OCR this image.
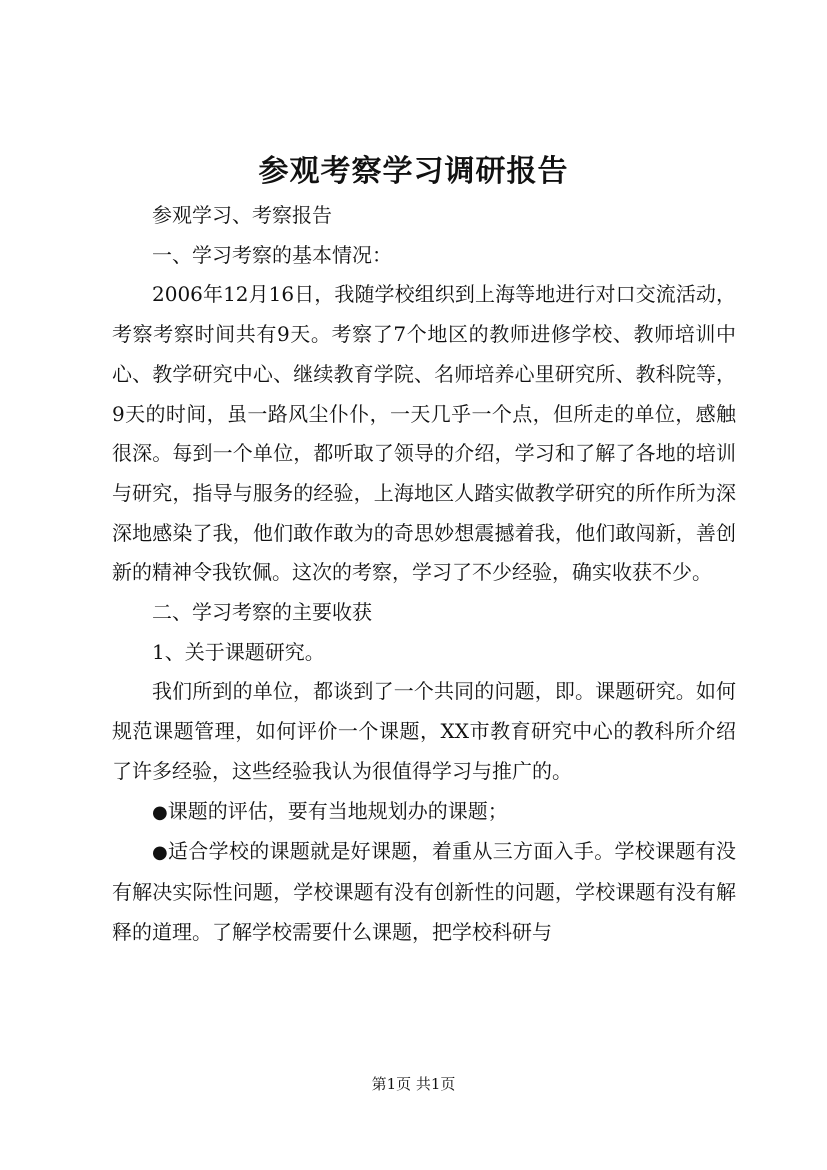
参观考察学习调研报告

参观学习、考察报告

一、学习考察的基本情况：

2006年12月16日，我随学校组织到上海等地进行对口交流活动，考察考察时间共有9天。考察了7个地区的教师进修学校、教师培训中心、教学研究中心、继续教育学院、名师培养心里研究所、教科院等，9天的时间，虽一路风尘仆仆，一天几乎一个点，但所走的单位，感触很深。每到一个单位，都听取了领导的介绍，学习和了解了各地的培训与研究，指导与服务的经验，上海地区人踏实做教学研究的所作所为深深地感染了我，他们敢作敢为的奇思妙想震撼着我，他们敢闯新，善创新的精神令我钦佩。这次的考察，学习了不少经验，确实收获不少。

二、学习考察的主要收获

1、关于课题研究。

我们所到的单位，都谈到了一个共同的问题，即。课题研究。如何规范课题管理，如何评价一个课题，XX市教育研究中心的教科所介绍了许多经验，这些经验我认为很值得学习与推广的。

●课题的评估，要有当地规划办的课题；

●适合学校的课题就是好课题，着重从三方面入手。学校课题有没有解决实际性问题，学校课题有没有创新性的问题，学校课题有没有解释的道理。了解学校需要什么课题，把学校科研与

第1页 共1页
